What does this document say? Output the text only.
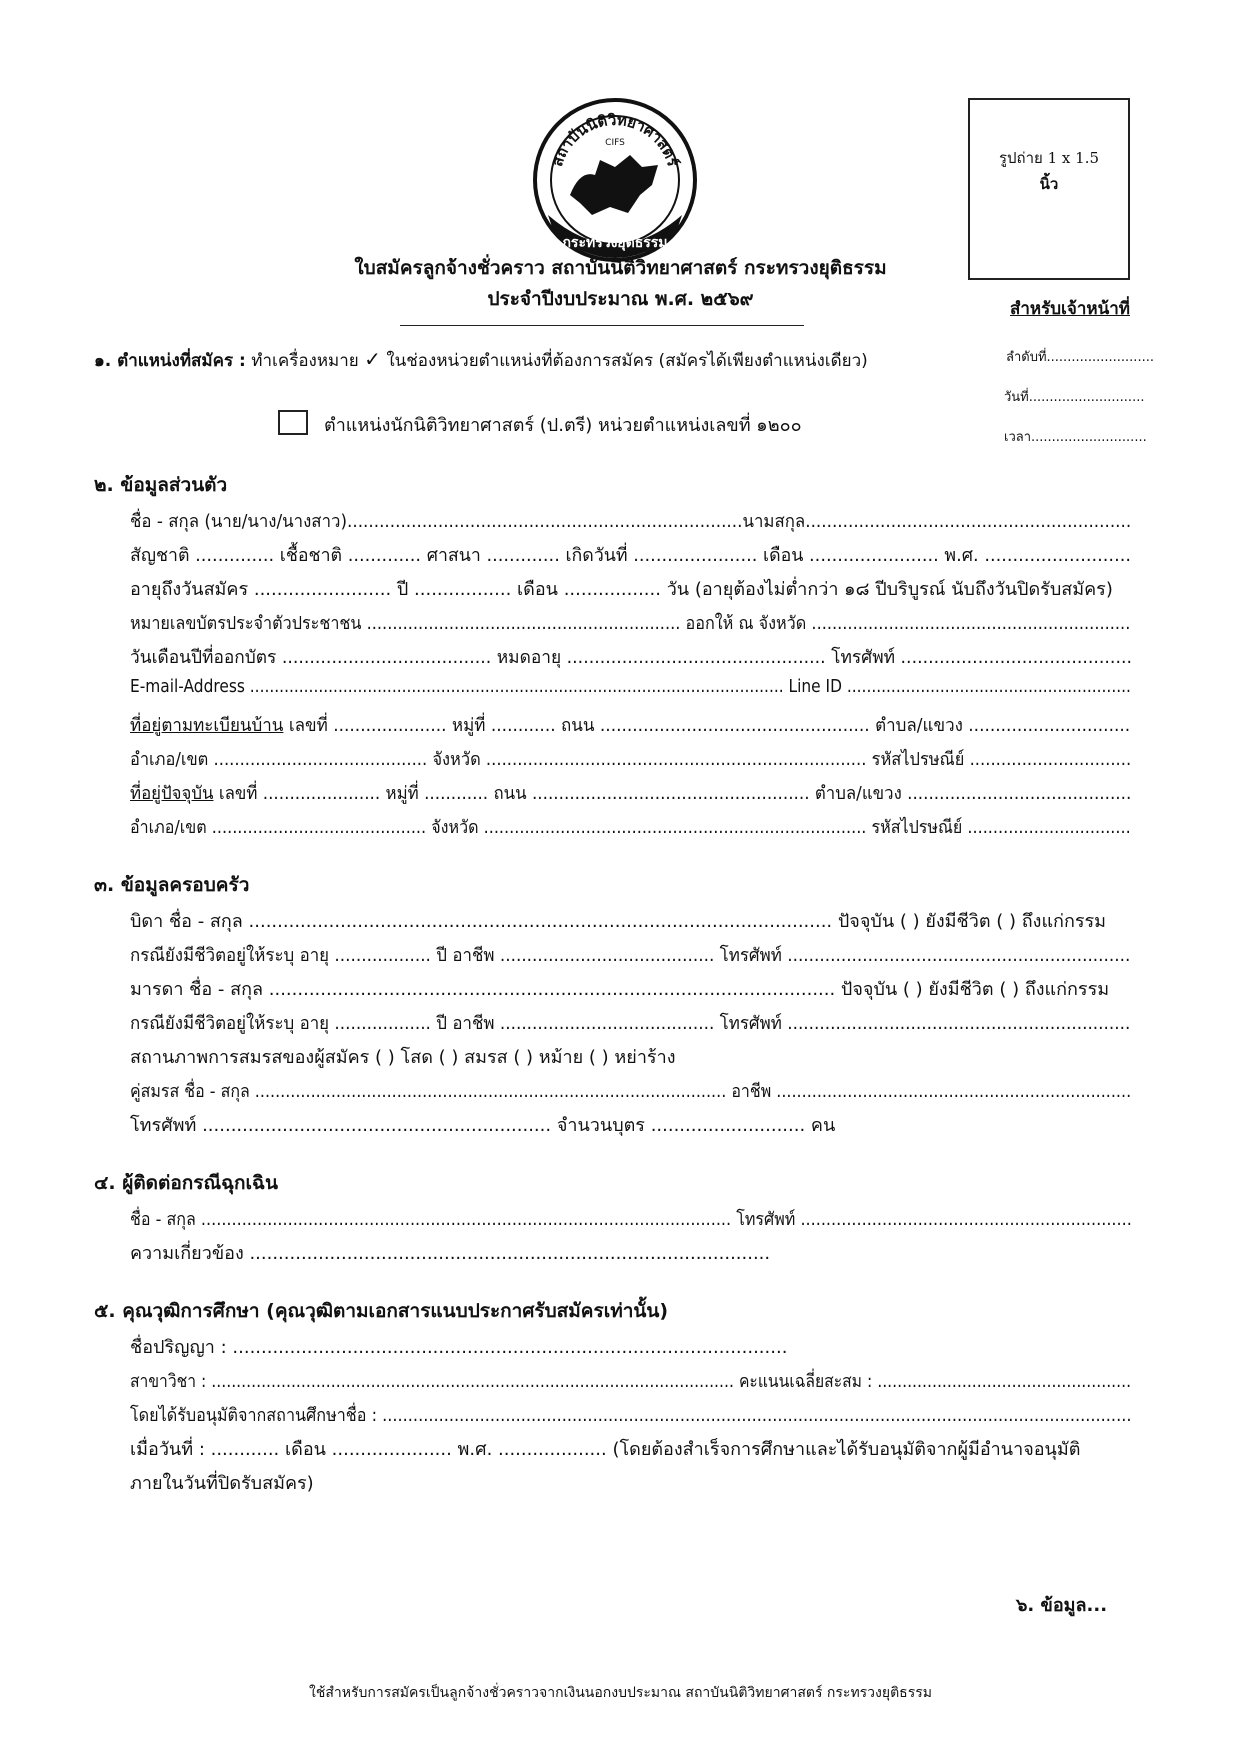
สถาบันนิติวิทยาศาสตร์
กระทรวงยุติธรรม
CIFS
รูปถ่าย 1 x 1.5
นิ้ว
ใบสมัครลูกจ้างชั่วคราว สถาบันนิติวิทยาศาสตร์ กระทรวงยุติธรรม
ประจำปีงบประมาณ พ.ศ. ๒๕๖๙	สำหรับเจ้าหน้าที่
ลำดับที่..........................
วันที่............................
เวลา............................
๑. ตำแหน่งที่สมัคร : ทำเครื่องหมาย ✓ ในช่องหน่วยตำแหน่งที่ต้องการสมัคร (สมัครได้เพียงตำแหน่งเดียว)
ตำแหน่งนักนิติวิทยาศาสตร์ (ป.ตรี) หน่วยตำแหน่งเลขที่ ๑๒๐๐
๒. ข้อมูลส่วนตัว
ชื่อ - สกุล (นาย/นาง/นางสาว)..........................................................................นามสกุล.............................................................
สัญชาติ .............. เชื้อชาติ ............. ศาสนา ............. เกิดวันที่ ...................... เดือน ....................... พ.ศ. ..........................
อายุถึงวันสมัคร ........................ ปี ................. เดือน ................. วัน (อายุต้องไม่ต่ำกว่า ๑๘ ปีบริบูรณ์ นับถึงวันปิดรับสมัคร)
หมายเลขบัตรประจำตัวประชาชน ............................................................. ออกให้ ณ จังหวัด ..............................................................
วันเดือนปีที่ออกบัตร ...................................... หมดอายุ ............................................... โทรศัพท์ ..........................................
E-mail-Address ............................................................................................................. Line ID ..........................................................
ที่อยู่ตามทะเบียนบ้าน เลขที่ ..................... หมู่ที่ ............ ถนน .................................................. ตำบล/แขวง ..............................
อำเภอ/เขต ......................................... จังหวัด ......................................................................... รหัสไปรษณีย์ ...............................
ที่อยู่ปัจจุบัน เลขที่ ...................... หมู่ที่ ............ ถนน .................................................... ตำบล/แขวง ..........................................
อำเภอ/เขต .......................................... จังหวัด ........................................................................... รหัสไปรษณีย์ ................................
๓. ข้อมูลครอบครัว
บิดา ชื่อ - สกุล ...................................................................................................... ปัจจุบัน ( ) ยังมีชีวิต ( ) ถึงแก่กรรม
กรณียังมีชีวิตอยู่ให้ระบุ อายุ .................. ปี อาชีพ ........................................ โทรศัพท์ ................................................................
มารดา ชื่อ - สกุล ................................................................................................... ปัจจุบัน ( ) ยังมีชีวิต ( ) ถึงแก่กรรม
กรณียังมีชีวิตอยู่ให้ระบุ อายุ .................. ปี อาชีพ ........................................ โทรศัพท์ ................................................................
สถานภาพการสมรสของผู้สมัคร ( ) โสด ( ) สมรส ( ) หม้าย ( ) หย่าร้าง
คู่สมรส ชื่อ - สกุล ............................................................................................. อาชีพ ......................................................................
โทรศัพท์ ............................................................. จำนวนบุตร ........................... คน
๔. ผู้ติดต่อกรณีฉุกเฉิน
ชื่อ - สกุล ........................................................................................................ โทรศัพท์ .................................................................
ความเกี่ยวข้อง ...........................................................................................
๕. คุณวุฒิการศึกษา (คุณวุฒิตามเอกสารแนบประกาศรับสมัครเท่านั้น)
ชื่อปริญญา : .................................................................................................
สาขาวิชา : ......................................................................................................... คะแนนเฉลี่ยสะสม : ...................................................
โดยได้รับอนุมัติจากสถานศึกษาชื่อ : ..................................................................................................................................................
เมื่อวันที่ : ............ เดือน ..................... พ.ศ. ................... (โดยต้องสำเร็จการศึกษาและได้รับอนุมัติจากผู้มีอำนาจอนุมัติ
ภายในวันที่ปิดรับสมัคร)
๖. ข้อมูล...
ใช้สำหรับการสมัครเป็นลูกจ้างชั่วคราวจากเงินนอกงบประมาณ สถาบันนิติวิทยาศาสตร์ กระทรวงยุติธรรม
